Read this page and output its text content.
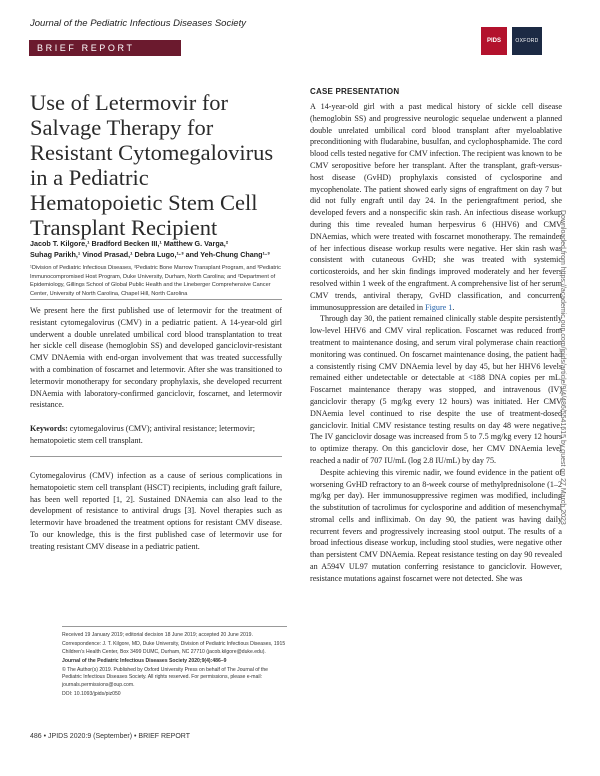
Journal of the Pediatric Infectious Diseases Society
BRIEF REPORT
PIDS	OXFORD
Use of Letermovir for Salvage Therapy for Resistant Cytomegalovirus in a Pediatric Hematopoietic Stem Cell Transplant Recipient
Jacob T. Kilgore,¹ Bradford Becken III,¹ Matthew G. Varga,²
Suhag Parikh,¹ Vinod Prasad,¹ Debra Lugo,¹·³ and Yeh-Chung Chang¹·³
¹Division of Pediatric Infectious Diseases, ²Pediatric Bone Marrow Transplant Program, and ³Pediatric Immunocompromised Host Program, Duke University, Durham, North Carolina; and ²Department of Epidemiology, Gillings School of Global Public Health and the Lineberger Comprehensive Cancer Center, University of North Carolina, Chapel Hill, North Carolina
We present here the first published use of letermovir for the treatment of resistant cytomegalovirus (CMV) in a pediatric patient. A 14-year-old girl underwent a double unrelated umbilical cord blood transplantation to treat her sickle cell disease (hemoglobin SS) and developed ganciclovir-resistant CMV DNAemia with end-organ involvement that was treated successfully with a combination of foscarnet and letermovir. After she was transitioned to letermovir monotherapy for secondary prophylaxis, she developed recurrent DNAemia with laboratory-confirmed ganciclovir, foscarnet, and letermovir resistance.
Keywords: cytomegalovirus (CMV); antiviral resistance; letermovir; hematopoietic stem cell transplant.
Cytomegalovirus (CMV) infection as a cause of serious complications in hematopoietic stem cell transplant (HSCT) recipients, including graft failure, has been well reported [1, 2]. Sustained DNAemia can also lead to the development of resistance to antiviral drugs [3]. Novel therapies such as letermovir have broadened the treatment options for resistant CMV disease. To our knowledge, this is the first published case of letermovir use for treating resistant CMV disease in a pediatric patient.

Received 19 January 2019; editorial decision 18 June 2019; accepted 20 June 2019.

Correspondence: J. T. Kilgore, MD, Duke University, Division of Pediatric Infectious Diseases, 1915 Children’s Health Center, Box 3499 DUMC, Durham, NC 27710 (jacob.kilgore@duke.edu).

Journal of the Pediatric Infectious Diseases Society 2020;9(4):486–9

© The Author(s) 2019. Published by Oxford University Press on behalf of The Journal of the Pediatric Infectious Diseases Society. All rights reserved. For permissions, please e-mail: journals.permissions@oup.com.

DOI: 10.1093/jpids/piz050

486 • JPIDS 2020:9 (September) • BRIEF REPORT
CASE PRESENTATION

A 14-year-old girl with a past medical history of sickle cell disease (hemoglobin SS) and progressive neurologic sequelae underwent a planned double unrelated umbilical cord blood transplant after myeloablative preconditioning with fludarabine, busulfan, and cyclophosphamide. The cord blood cells tested negative for CMV infection. The recipient was known to be CMV seropositive before her transplant. After the transplant, graft-versus-host disease (GvHD) prophylaxis consisted of cyclosporine and mycophenolate. The patient showed early signs of engraftment on day 7 but did not fully engraft until day 24. In the periengraftment period, she developed fevers and a nonspecific skin rash. An infectious disease workup during this time revealed human herpesvirus 6 (HHV6) and CMV DNAemias, which were treated with foscarnet monotherapy. The remainder of her infectious disease workup results were negative. Her skin rash was consistent with cutaneous GvHD; she was treated with systemic corticosteroids, and her skin findings improved moderately and her fevers resolved within 1 week of the engraftment. A comprehensive list of her serum CMV trends, antiviral therapy, GvHD classification, and concurrent immunosuppression are detailed in Figure 1.

Through day 30, the patient remained clinically stable despite persistently low-level HHV6 and CMV viral replication. Foscarnet was reduced from treatment to maintenance dosing, and serum viral polymerase chain reaction monitoring was continued. On foscarnet maintenance dosing, the patient had a consistently rising CMV DNAemia level by day 45, but her HHV6 levels remained either undetectable or detectable at <188 DNA copies per mL. Foscarnet maintenance therapy was stopped, and intravenous (IV) ganciclovir therapy (5 mg/kg every 12 hours) was initiated. Her CMV DNAemia level continued to rise despite the use of treatment-dosed ganciclovir. Initial CMV resistance testing results on day 48 were negative. The IV ganciclovir dosage was increased from 5 to 7.5 mg/kg every 12 hours to optimize therapy. On this ganciclovir dose, her CMV DNAemia level reached a nadir of 707 IU/mL (log 2.8 IU/mL) by day 75.

Despite achieving this viremic nadir, we found evidence in the patient of worsening GvHD refractory to an 8-week course of methylprednisolone (1–2 mg/kg per day). Her immunosuppressive regimen was modified, including the substitution of tacrolimus for cyclosporine and addition of mesenchymal stromal cells and infliximab. On day 90, the patient was having daily recurrent fevers and progressively increasing stool output. The results of a broad infectious disease workup, including stool studies, were negative other than persistent CMV DNAemia. Repeat resistance testing on day 90 revealed an A594V UL97 mutation conferring resistance to ganciclovir. However, resistance mutations against foscarnet were not detected. She was

Downloaded from https://academic.oup.com/jpids/article/9/4/486/5541615 by guest on 27 March 2023
